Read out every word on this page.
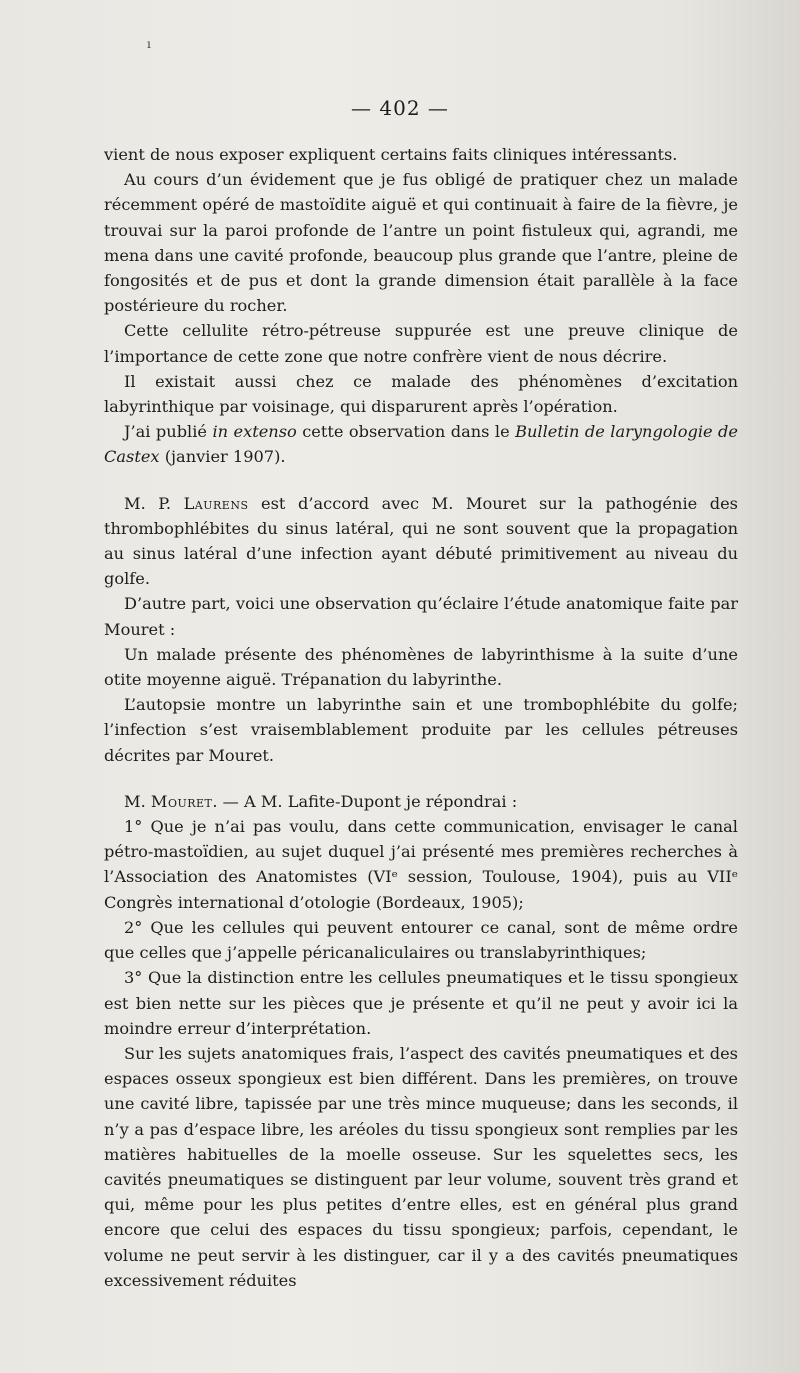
ı
— 402 —

vient de nous exposer expliquent certains faits cliniques intéressants.

Au cours d’un évidement que je fus obligé de pratiquer chez un malade récemment opéré de mastoïdite aiguë et qui continuait à faire de la fièvre, je trouvai sur la paroi profonde de l’antre un point fistuleux qui, agrandi, me mena dans une cavité profonde, beaucoup plus grande que l’antre, pleine de fongosités et de pus et dont la grande dimension était parallèle à la face postérieure du rocher.

Cette cellulite rétro-pétreuse suppurée est une preuve clinique de l’importance de cette zone que notre confrère vient de nous décrire.

Il existait aussi chez ce malade des phénomènes d’excitation labyrinthique par voisinage, qui disparurent après l’opération.

J’ai publié in extenso cette observation dans le Bulletin de laryngologie de Castex (janvier 1907).

M. P. Laurens est d’accord avec M. Mouret sur la pathogénie des thrombophlébites du sinus latéral, qui ne sont souvent que la propagation au sinus latéral d’une infection ayant débuté primitivement au niveau du golfe.

D’autre part, voici une observation qu’éclaire l’étude anatomique faite par Mouret :

Un malade présente des phénomènes de labyrinthisme à la suite d’une otite moyenne aiguë. Trépanation du labyrinthe.

L’autopsie montre un labyrinthe sain et une trombophlébite du golfe; l’infection s’est vraisemblablement produite par les cellules pétreuses décrites par Mouret.

M. Mouret. — A M. Lafite-Dupont je répondrai :

1° Que je n’ai pas voulu, dans cette communication, envisager le canal pétro-mastoïdien, au sujet duquel j’ai présenté mes premières recherches à l’Association des Anatomistes (VIᵉ session, Toulouse, 1904), puis au VIIᵉ Congrès international d’otologie (Bordeaux, 1905);

2° Que les cellules qui peuvent entourer ce canal, sont de même ordre que celles que j’appelle péricanaliculaires ou translabyrinthiques;

3° Que la distinction entre les cellules pneumatiques et le tissu spongieux est bien nette sur les pièces que je présente et qu’il ne peut y avoir ici la moindre erreur d’interprétation.

Sur les sujets anatomiques frais, l’aspect des cavités pneumatiques et des espaces osseux spongieux est bien différent. Dans les premières, on trouve une cavité libre, tapissée par une très mince muqueuse; dans les seconds, il n’y a pas d’espace libre, les aréoles du tissu spongieux sont remplies par les matières habituelles de la moelle osseuse. Sur les squelettes secs, les cavités pneumatiques se distinguent par leur volume, souvent très grand et qui, même pour les plus petites d’entre elles, est en général plus grand encore que celui des espaces du tissu spongieux; parfois, cependant, le volume ne peut servir à les distinguer, car il y a des cavités pneumatiques excessivement réduites
